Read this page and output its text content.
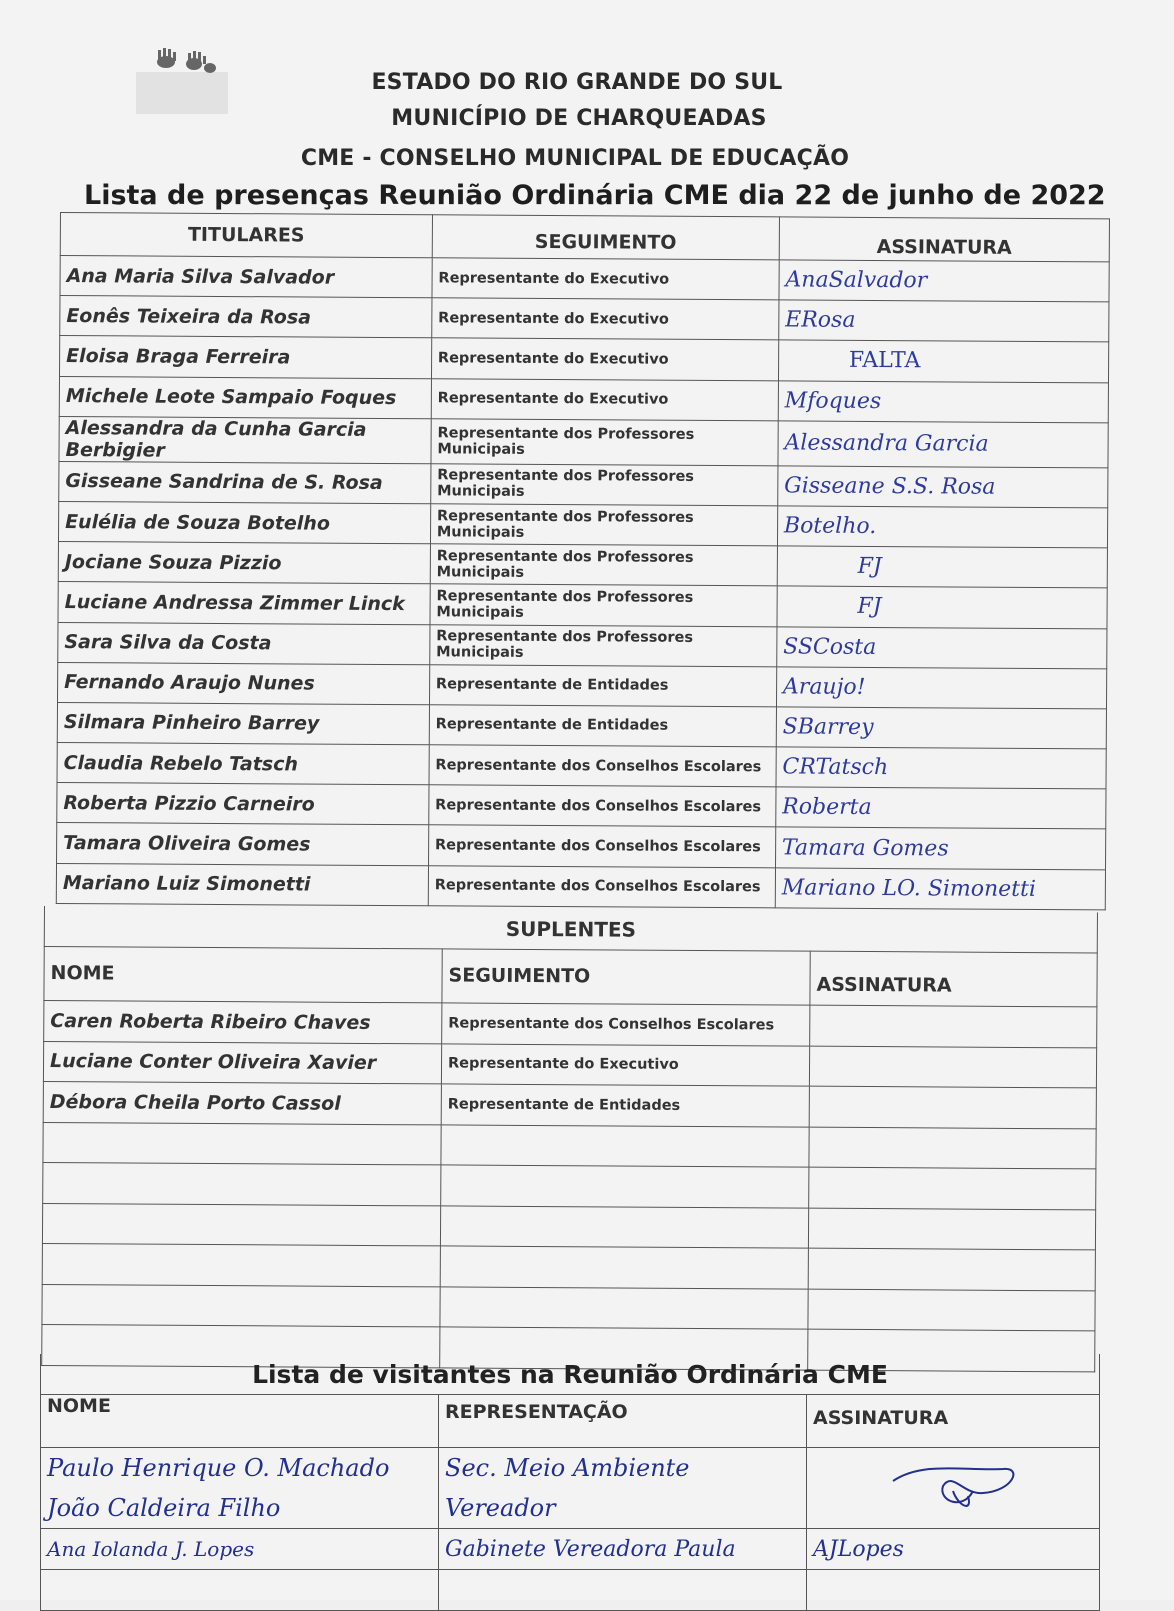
ESTADO DO RIO GRANDE DO SUL
MUNICÍPIO DE CHARQUEADAS
CME - CONSELHO MUNICIPAL DE EDUCAÇÃO
Lista de presenças Reunião Ordinária CME dia 22 de junho de 2022
TITULARES	SEGUIMENTO	ASSINATURA
Ana Maria Silva Salvador	Representante do Executivo	AnaSalvador
Eonês Teixeira da Rosa	Representante do Executivo	ERosa
Eloisa Braga Ferreira	Representante do Executivo	FALTA
Michele Leote Sampaio Foques	Representante do Executivo	Mfoques
Alessandra da Cunha Garcia Berbigier	Representante dos Professores Municipais	Alessandra Garcia
Gisseane Sandrina de S. Rosa	Representante dos Professores Municipais	Gisseane S.S. Rosa
Eulélia de Souza Botelho	Representante dos Professores Municipais	Botelho.
Jociane Souza Pizzio	Representante dos Professores Municipais	FJ
Luciane Andressa Zimmer Linck	Representante dos Professores Municipais	FJ
Sara Silva da Costa	Representante dos Professores Municipais	SSCosta
Fernando Araujo Nunes	Representante de Entidades	Araujo!
Silmara Pinheiro Barrey	Representante de Entidades	SBarrey
Claudia Rebelo Tatsch	Representante dos Conselhos Escolares	CRTatsch
Roberta Pizzio Carneiro	Representante dos Conselhos Escolares	Roberta
Tamara Oliveira Gomes	Representante dos Conselhos Escolares	Tamara Gomes
Mariano Luiz Simonetti	Representante dos Conselhos Escolares	Mariano LO. Simonetti
SUPLENTES		
NOME	SEGUIMENTO	ASSINATURA
Caren Roberta Ribeiro Chaves	Representante dos Conselhos Escolares	
Luciane Conter Oliveira Xavier	Representante do Executivo	
Débora Cheila Porto Cassol	Representante de Entidades	

Lista de visitantes na Reunião Ordinária CME		
NOME	REPRESENTAÇÃO	ASSINATURA
Paulo Henrique O. Machado	Sec. Meio Ambiente	
João Caldeira Filho	Vereador	
Ana Iolanda J. Lopes	Gabinete Vereadora Paula	AJLopes
